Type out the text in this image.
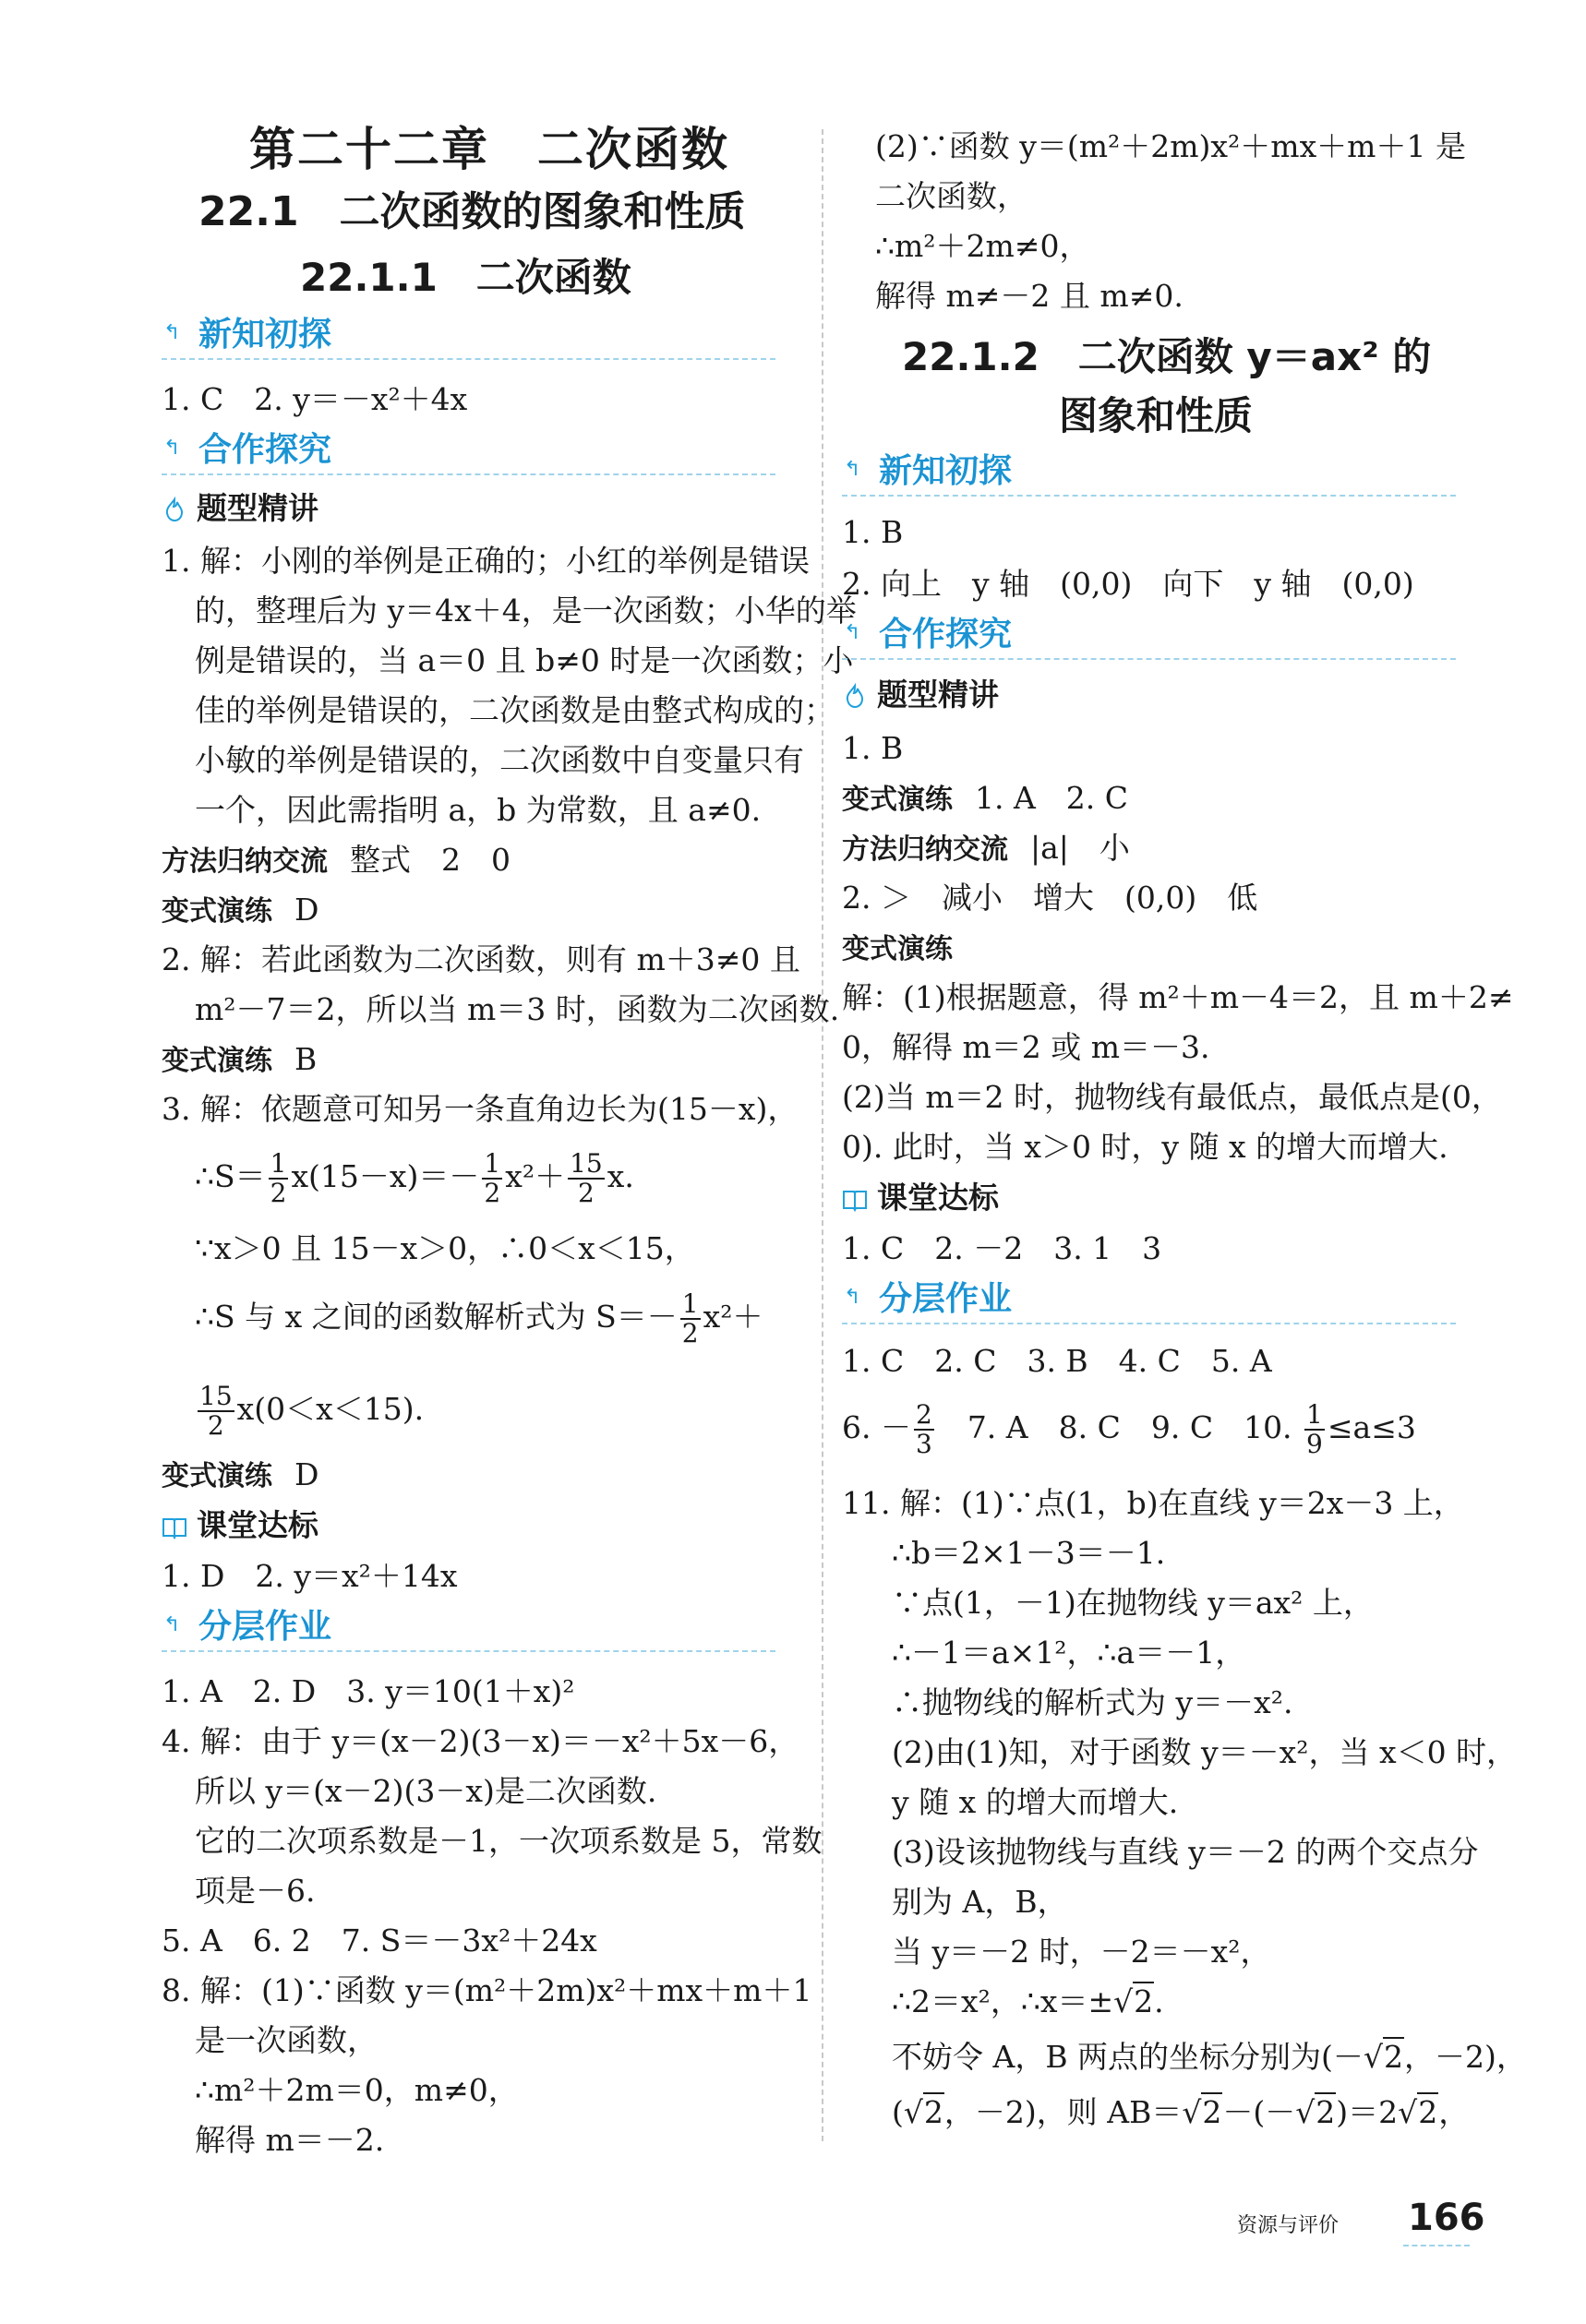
第二十二章　二次函数
22.1　二次函数的图象和性质
22.1.1　二次函数
↰ 新知初探
1. C　2. y＝－x²＋4x
↰ 合作探究
题型精讲
1. 解：小刚的举例是正确的；小红的举例是错误
的，整理后为 y＝4x＋4，是一次函数；小华的举
例是错误的，当 a＝0 且 b≠0 时是一次函数；小
佳的举例是错误的，二次函数是由整式构成的；
小敏的举例是错误的，二次函数中自变量只有
一个，因此需指明 a，b 为常数，且 a≠0.
方法归纳交流 整式　2　0
变式演练 D
2. 解：若此函数为二次函数，则有 m＋3≠0 且
m²－7＝2，所以当 m＝3 时，函数为二次函数.
变式演练 B
3. 解：依题意可知另一条直角边长为(15－x)，
∴S＝ $\frac{1}{2} x(15-x)=- \frac{1}{2} x^2+ \frac{15}{2} x$.
∵x＞0 且 15－x＞0，∴0＜x＜15，
∴S 与 x 之间的函数解析式为 $S=- \frac{1}{2} x^2+$
$\frac{15}{2} x(0<x<15)$.
变式演练 D
课堂达标
1. D　2. y＝x²＋14x
↰ 分层作业
1. A　2. D　3. y＝10(1＋x)²
4. 解：由于 y＝(x－2)(3－x)＝－x²＋5x－6，
所以 y＝(x－2)(3－x)是二次函数.
它的二次项系数是－1，一次项系数是 5，常数
项是－6.
5. A　6. 2　7. S＝－3x²＋24x
8. 解：(1)∵函数 y＝(m²＋2m)x²＋mx＋m＋1
是一次函数，
∴m²＋2m＝0，m≠0，
解得 m＝－2.
(2)∵函数 y＝(m²＋2m)x²＋mx＋m＋1 是
二次函数，
∴m²＋2m≠0，
解得 m≠－2 且 m≠0.
22.1.2　二次函数 y＝ax² 的
图象和性质
↰ 新知初探
1. B
2. 向上　y 轴　(0,0)　向下　y 轴　(0,0)
↰ 合作探究
题型精讲
1. B
变式演练 1. A　2. C
方法归纳交流 |a|　小
2. ＞　减小　增大　(0,0)　低
变式演练
解：(1)根据题意，得 m²＋m－4＝2，且 m＋2≠
0，解得 m＝2 或 m＝－3.
(2)当 m＝2 时，抛物线有最低点，最低点是(0，
0). 此时，当 x＞0 时，y 随 x 的增大而增大.
课堂达标
1. C　2. －2　3. 1　3
↰ 分层作业
1. C　2. C　3. B　4. C　5. A
6. － $\frac{2}{3}$ 　7. A　8. C　9. C　10. $\frac{1}{9} \le a\le 3$
11. 解：(1)∵点(1，b)在直线 y＝2x－3 上，
∴b＝2×1－3＝－1.
∵点(1，－1)在抛物线 y＝ax² 上，
∴－1＝a×1²，∴a＝－1，
∴抛物线的解析式为 y＝－x².
(2)由(1)知，对于函数 y＝－x²，当 x＜0 时，
y 随 x 的增大而增大.
(3)设该抛物线与直线 y＝－2 的两个交点分
别为 A，B，
当 y＝－2 时，－2＝－x²，
∴2＝x²，∴x＝±√2.
不妨令 A，B 两点的坐标分别为(－√2，－2)，
(√2，－2)，则 AB＝√2－(－√2)＝2√2，
资源与评价 166
